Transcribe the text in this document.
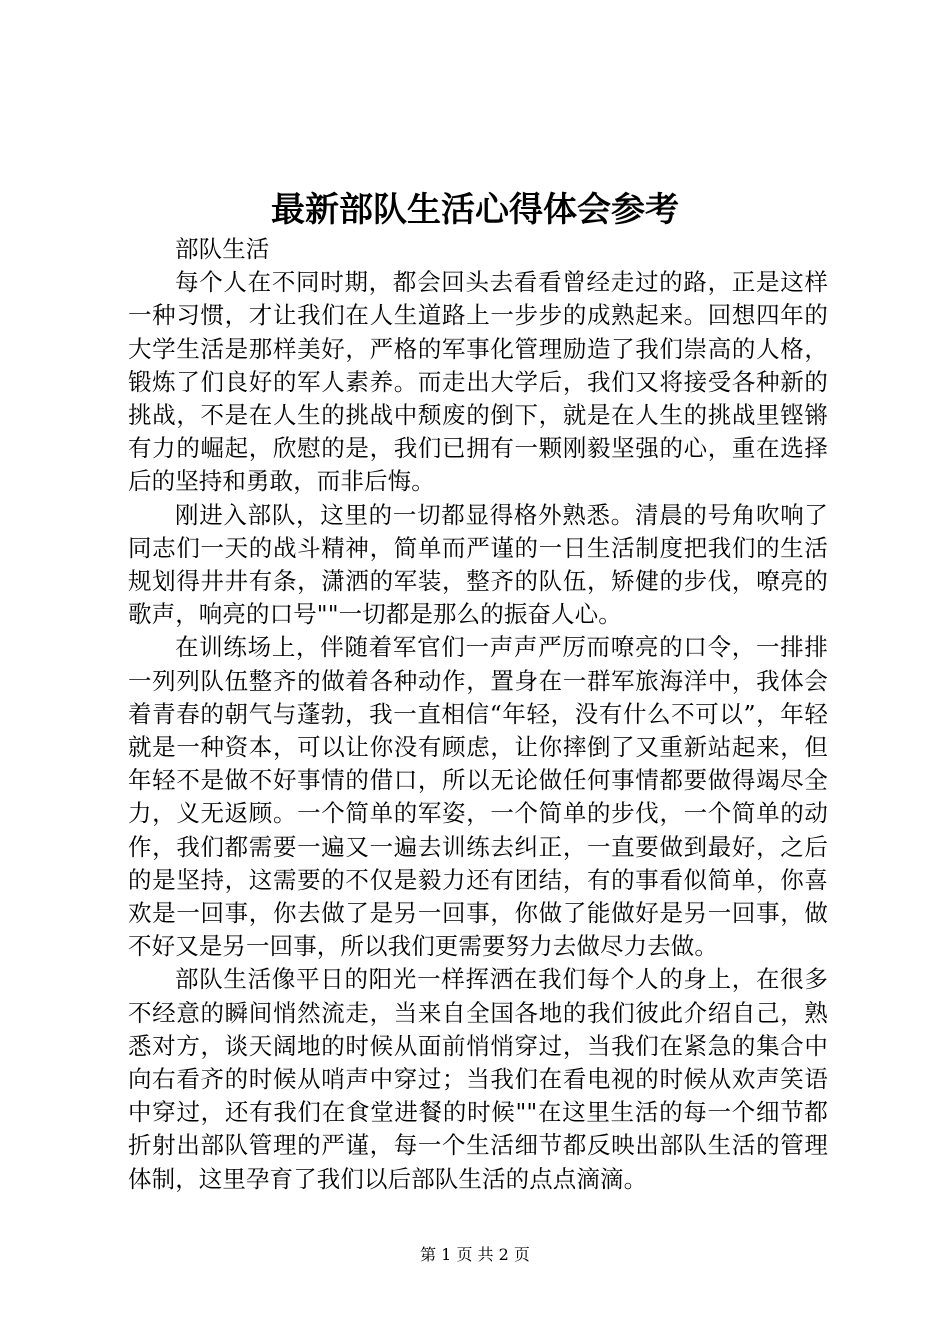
最新部队生活心得体会参考

部队生活

每个人在不同时期，都会回头去看看曾经走过的路，正是这样一种习惯，才让我们在人生道路上一步步的成熟起来。回想四年的大学生活是那样美好，严格的军事化管理励造了我们崇高的人格，锻炼了们良好的军人素养。而走出大学后，我们又将接受各种新的挑战，不是在人生的挑战中颓废的倒下，就是在人生的挑战里铿锵有力的崛起，欣慰的是，我们已拥有一颗刚毅坚强的心，重在选择后的坚持和勇敢，而非后悔。

刚进入部队，这里的一切都显得格外熟悉。清晨的号角吹响了同志们一天的战斗精神，简单而严谨的一日生活制度把我们的生活规划得井井有条，潇洒的军装，整齐的队伍，矫健的步伐，嘹亮的歌声，响亮的口号""一切都是那么的振奋人心。

在训练场上，伴随着军官们一声声严厉而嘹亮的口令，一排排一列列队伍整齐的做着各种动作，置身在一群军旅海洋中，我体会着青春的朝气与蓬勃，我一直相信“年轻，没有什么不可以”，年轻就是一种资本，可以让你没有顾虑，让你摔倒了又重新站起来，但年轻不是做不好事情的借口，所以无论做任何事情都要做得竭尽全力，义无返顾。一个简单的军姿，一个简单的步伐，一个简单的动作，我们都需要一遍又一遍去训练去纠正，一直要做到最好，之后的是坚持，这需要的不仅是毅力还有团结，有的事看似简单，你喜欢是一回事，你去做了是另一回事，你做了能做好是另一回事，做不好又是另一回事，所以我们更需要努力去做尽力去做。

部队生活像平日的阳光一样挥洒在我们每个人的身上，在很多不经意的瞬间悄然流走，当来自全国各地的我们彼此介绍自己，熟悉对方，谈天阔地的时候从面前悄悄穿过，当我们在紧急的集合中向右看齐的时候从哨声中穿过；当我们在看电视的时候从欢声笑语中穿过，还有我们在食堂进餐的时候""在这里生活的每一个细节都折射出部队管理的严谨，每一个生活细节都反映出部队生活的管理体制，这里孕育了我们以后部队生活的点点滴滴。

第 1 页 共 2 页
